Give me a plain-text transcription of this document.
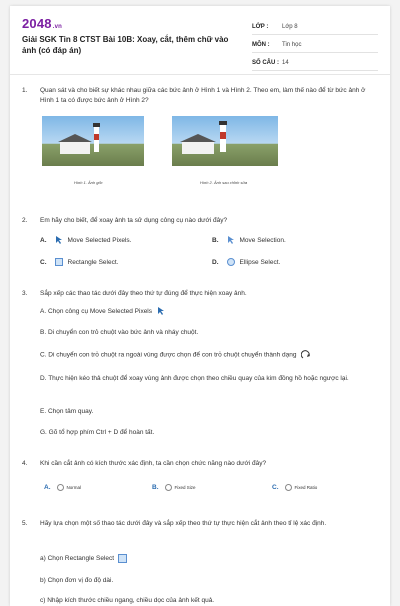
2048.vn
Giải SGK Tin 8 CTST Bài 10B: Xoay, cắt, thêm chữ vào ảnh (có đáp án)
LỚP :	Lớp 8
MÔN :	Tin học
SỐ CÂU : 14
1.	Quan sát và cho biết sự khác nhau giữa các bức ảnh ở Hình 1 và Hình 2. Theo em, làm thế nào để từ bức ảnh ở Hình 1 ta có được bức ảnh ở Hình 2?
Hình 1. Ảnh gốc	Hình 2. Ảnh sau chỉnh sửa
2.	Em hãy cho biết, để xoay ảnh ta sử dụng công cụ nào dưới đây?
A.	Move Selected Pixels.	B.	Move Selection.
C.	Rectangle Select.	D.	Ellipse Select.
3.	Sắp xếp các thao tác dưới đây theo thứ tự đúng để thực hiện xoay ảnh.
A. Chọn công cụ Move Selected Pixels
B. Di chuyển con trỏ chuột vào bức ảnh và nháy chuột.
C. Di chuyển con trỏ chuột ra ngoài vùng được chọn để con trỏ chuột chuyển thành dạng
D. Thực hiện kéo thả chuột để xoay vùng ảnh được chọn theo chiều quay của kim đồng hồ hoặc ngược lại.
E. Chọn tâm quay.
G. Gõ tổ hợp phím Ctrl + D để hoàn tất.
4.	Khi cần cắt ảnh có kích thước xác định, ta cần chọn chức năng nào dưới đây?
A.	Normal	B.	Fixed Size	C.	Fixed Ratio
5.	Hãy lựa chọn một số thao tác dưới đây và sắp xếp theo thứ tự thực hiện cắt ảnh theo tỉ lệ xác định.
a) Chọn Rectangle Select
b) Chọn đơn vị đo độ dài.
c) Nhập kích thước chiều ngang, chiều dọc của ảnh kết quả.
